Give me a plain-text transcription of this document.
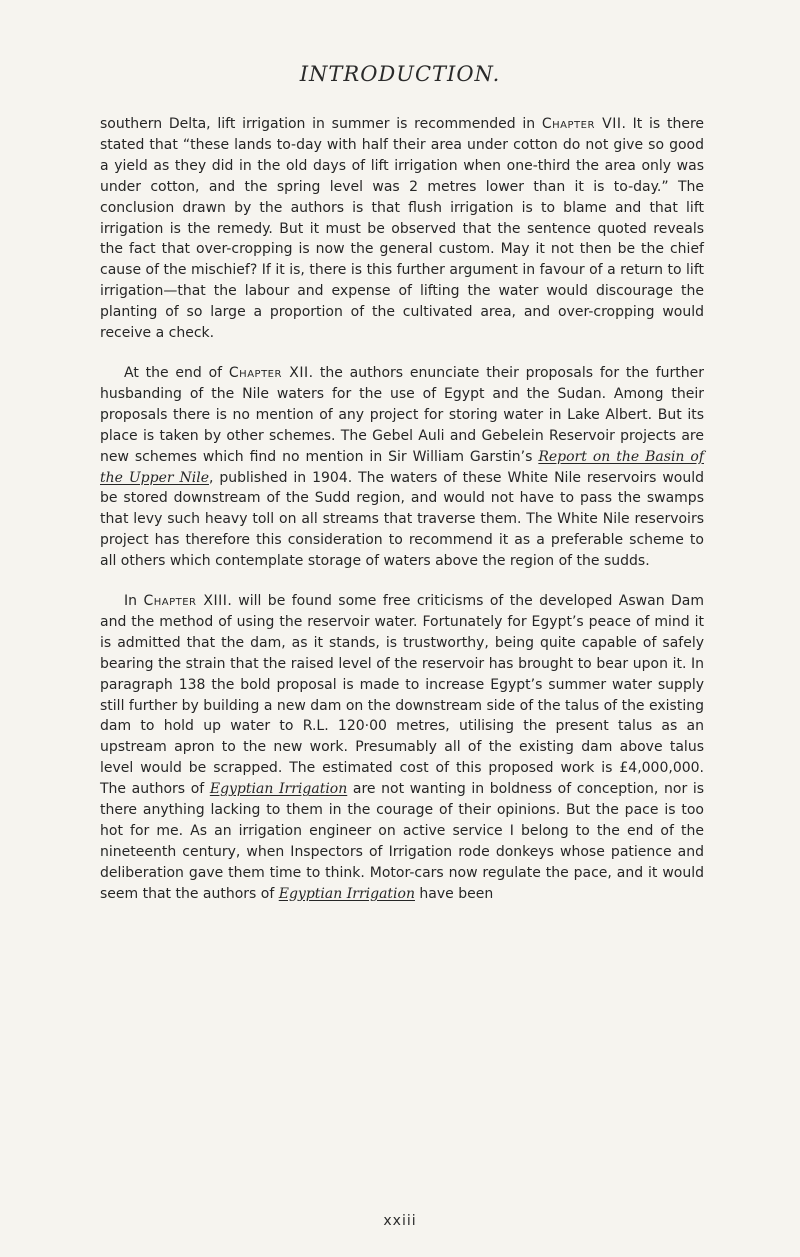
INTRODUCTION.

southern Delta, lift irrigation in summer is recommended in Chapter VII. It is there stated that “these lands to-day with half their area under cotton do not give so good a yield as they did in the old days of lift irrigation when one-third the area only was under cotton, and the spring level was 2 metres lower than it is to-day.” The conclusion drawn by the authors is that flush irrigation is to blame and that lift irrigation is the remedy. But it must be observed that the sentence quoted reveals the fact that over-cropping is now the general custom. May it not then be the chief cause of the mischief? If it is, there is this further argument in favour of a return to lift irrigation—that the labour and expense of lifting the water would discourage the planting of so large a proportion of the cultivated area, and over-cropping would receive a check.

At the end of Chapter XII. the authors enunciate their proposals for the further husbanding of the Nile waters for the use of Egypt and the Sudan. Among their proposals there is no mention of any project for storing water in Lake Albert. But its place is taken by other schemes. The Gebel Auli and Gebelein Reservoir projects are new schemes which find no mention in Sir William Garstin’s Report on the Basin of the Upper Nile, published in 1904. The waters of these White Nile reservoirs would be stored downstream of the Sudd region, and would not have to pass the swamps that levy such heavy toll on all streams that traverse them. The White Nile reservoirs project has therefore this consideration to recommend it as a preferable scheme to all others which contemplate storage of waters above the region of the sudds.

In Chapter XIII. will be found some free criticisms of the developed Aswan Dam and the method of using the reservoir water. Fortunately for Egypt’s peace of mind it is admitted that the dam, as it stands, is trustworthy, being quite capable of safely bearing the strain that the raised level of the reservoir has brought to bear upon it. In paragraph 138 the bold proposal is made to increase Egypt’s summer water supply still further by building a new dam on the downstream side of the talus of the existing dam to hold up water to R.L. 120·00 metres, utilising the present talus as an upstream apron to the new work. Presumably all of the existing dam above talus level would be scrapped. The estimated cost of this proposed work is £4,000,000. The authors of Egyptian Irrigation are not wanting in boldness of conception, nor is there anything lacking to them in the courage of their opinions. But the pace is too hot for me. As an irrigation engineer on active service I belong to the end of the nineteenth century, when Inspectors of Irrigation rode donkeys whose patience and deliberation gave them time to think. Motor-cars now regulate the pace, and it would seem that the authors of Egyptian Irrigation have been

xxiii
